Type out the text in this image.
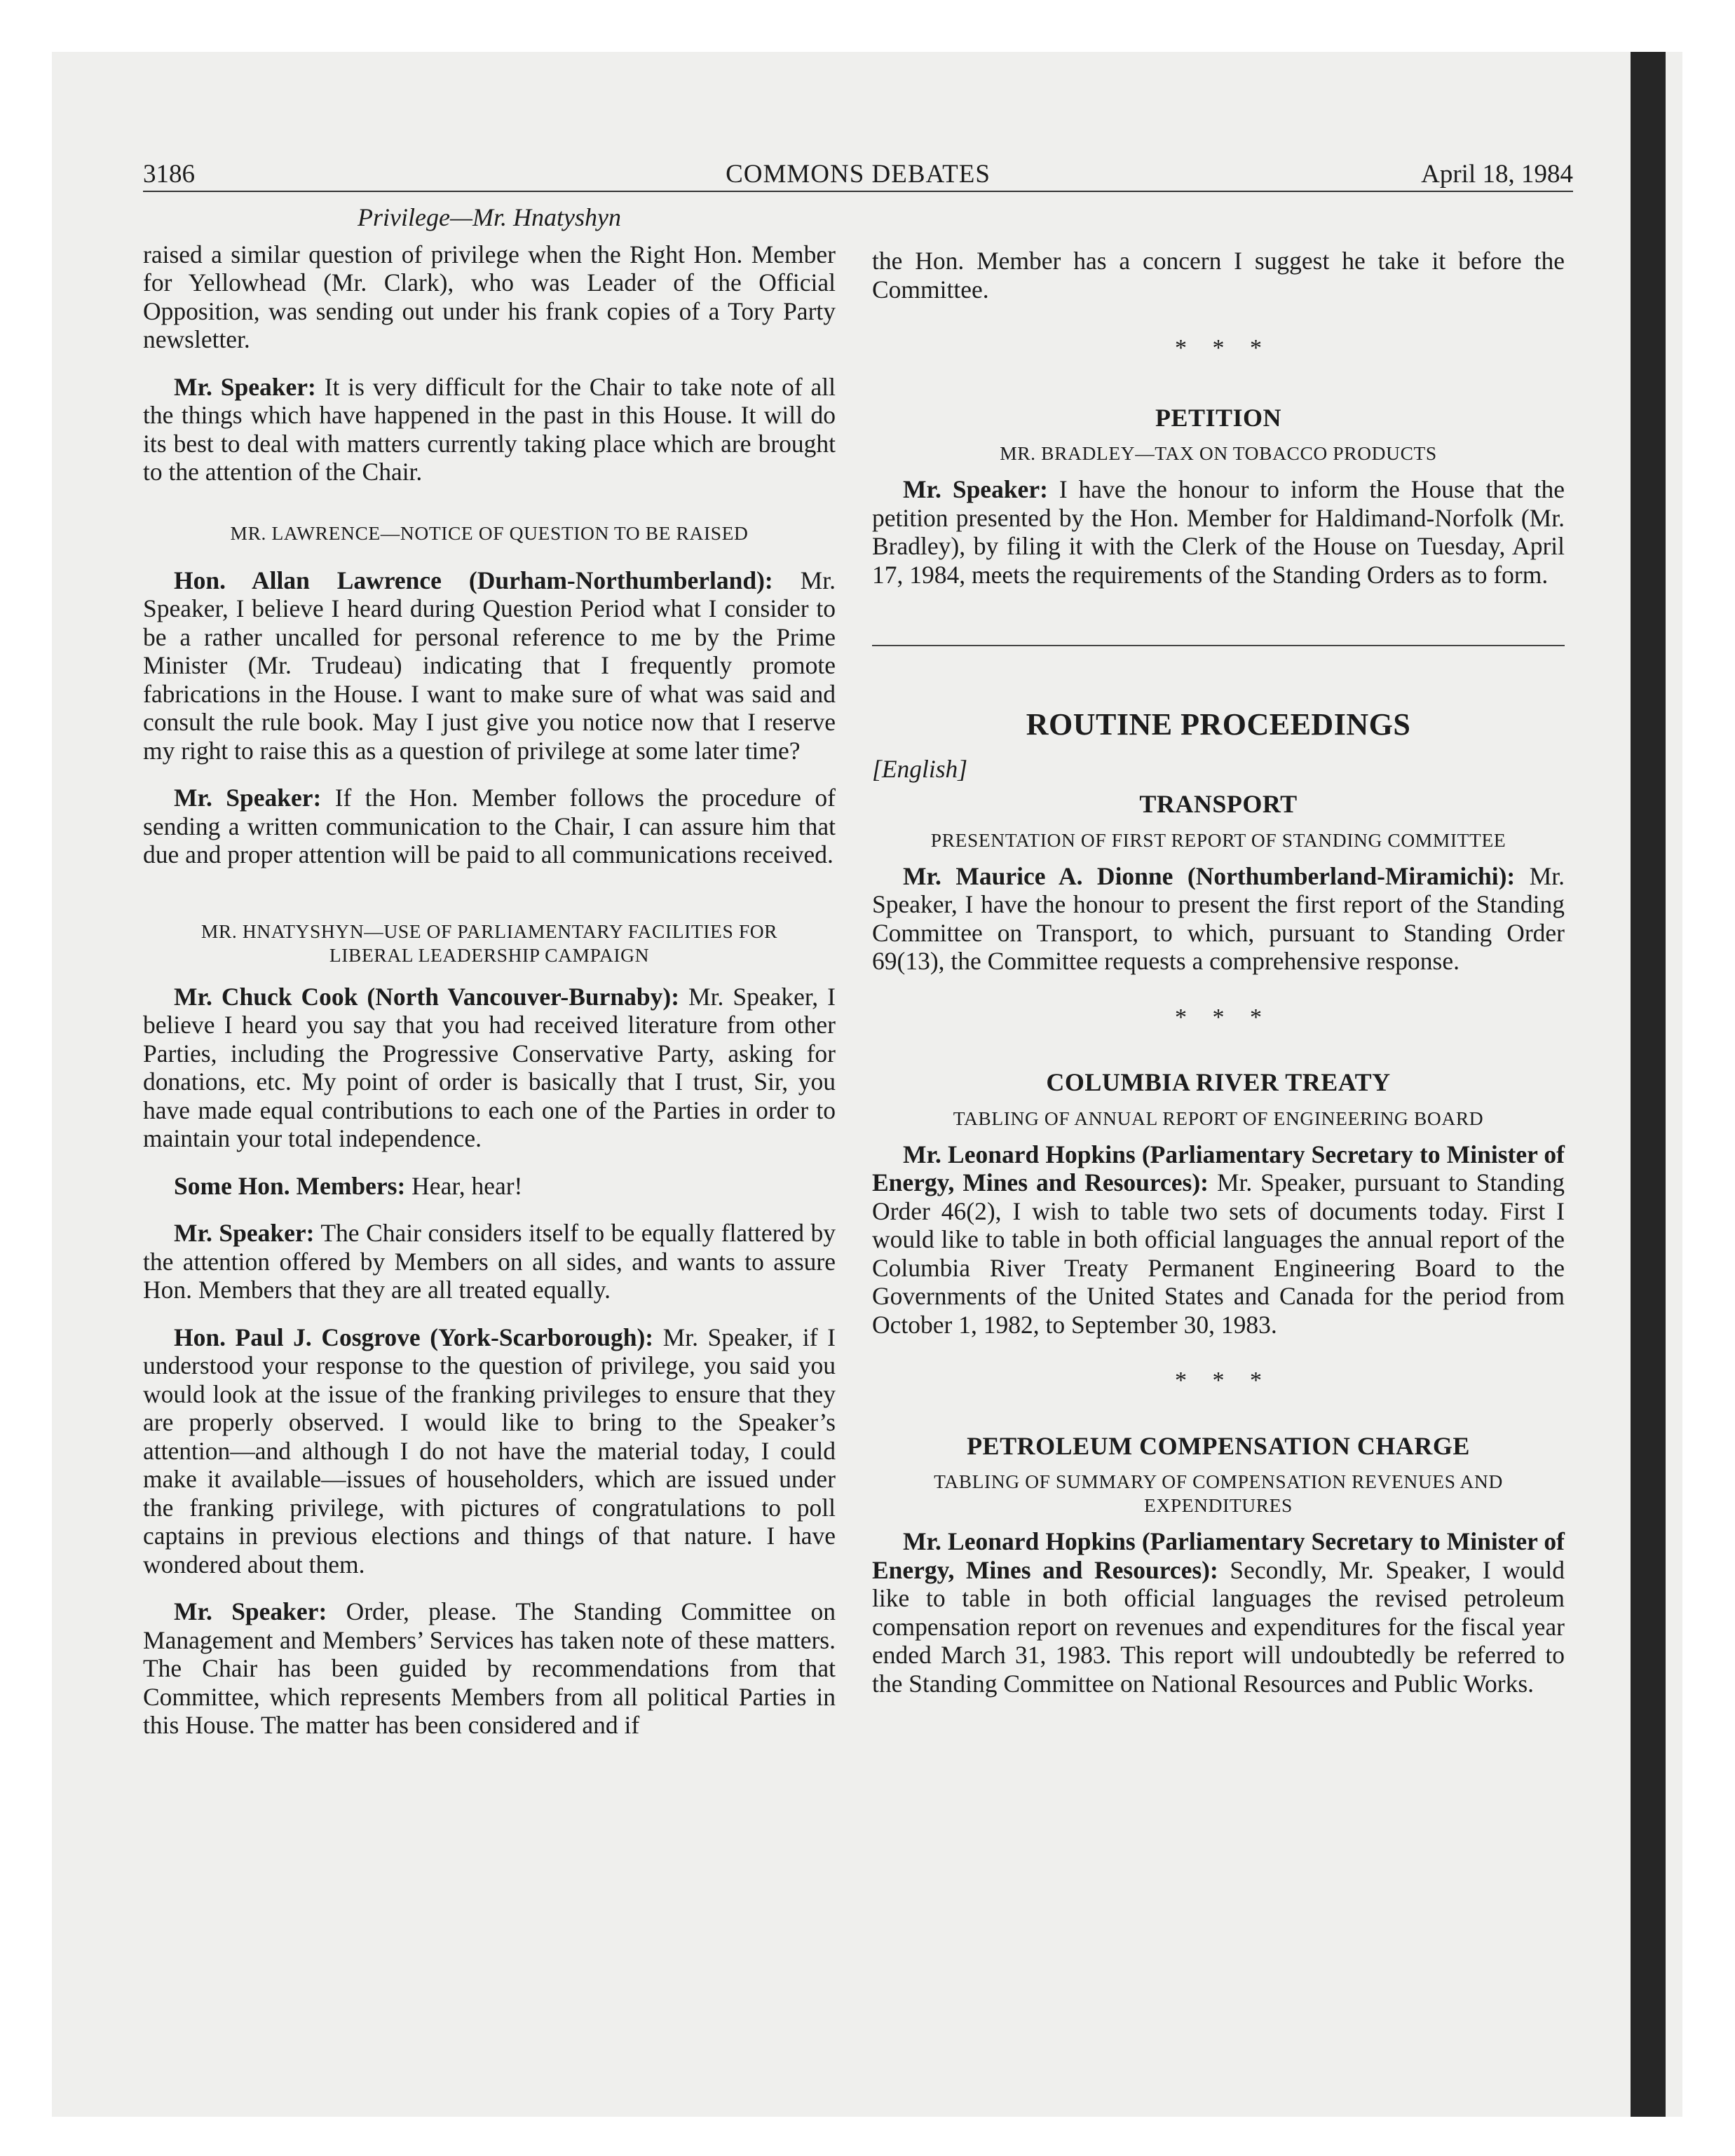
3186	COMMONS DEBATES	April 18, 1984
Privilege—Mr. Hnatyshyn

raised a similar question of privilege when the Right Hon. Member for Yellowhead (Mr. Clark), who was Leader of the Official Opposition, was sending out under his frank copies of a Tory Party newsletter.

Mr. Speaker: It is very difficult for the Chair to take note of all the things which have happened in the past in this House. It will do its best to deal with matters currently taking place which are brought to the attention of the Chair.

MR. LAWRENCE—NOTICE OF QUESTION TO BE RAISED

Hon. Allan Lawrence (Durham-Northumberland): Mr. Speaker, I believe I heard during Question Period what I consider to be a rather uncalled for personal reference to me by the Prime Minister (Mr. Trudeau) indicating that I frequently promote fabrications in the House. I want to make sure of what was said and consult the rule book. May I just give you notice now that I reserve my right to raise this as a question of privilege at some later time?

Mr. Speaker: If the Hon. Member follows the procedure of sending a written communication to the Chair, I can assure him that due and proper attention will be paid to all communications received.

MR. HNATYSHYN—USE OF PARLIAMENTARY FACILITIES FOR
LIBERAL LEADERSHIP CAMPAIGN

Mr. Chuck Cook (North Vancouver-Burnaby): Mr. Speaker, I believe I heard you say that you had received literature from other Parties, including the Progressive Conservative Party, asking for donations, etc. My point of order is basically that I trust, Sir, you have made equal contributions to each one of the Parties in order to maintain your total independence.

Some Hon. Members: Hear, hear!

Mr. Speaker: The Chair considers itself to be equally flattered by the attention offered by Members on all sides, and wants to assure Hon. Members that they are all treated equally.

Hon. Paul J. Cosgrove (York-Scarborough): Mr. Speaker, if I understood your response to the question of privilege, you said you would look at the issue of the franking privileges to ensure that they are properly observed. I would like to bring to the Speaker’s attention—and although I do not have the material today, I could make it available—issues of householders, which are issued under the franking privilege, with pictures of congratulations to poll captains in previous elections and things of that nature. I have wondered about them.

Mr. Speaker: Order, please. The Standing Committee on Management and Members’ Services has taken note of these matters. The Chair has been guided by recommendations from that Committee, which represents Members from all political Parties in this House. The matter has been considered and if

the Hon. Member has a concern I suggest he take it before the Committee.

* * *
PETITION
MR. BRADLEY—TAX ON TOBACCO PRODUCTS

Mr. Speaker: I have the honour to inform the House that the petition presented by the Hon. Member for Haldimand-Norfolk (Mr. Bradley), by filing it with the Clerk of the House on Tuesday, April 17, 1984, meets the requirements of the Standing Orders as to form.

ROUTINE PROCEEDINGS
[English]
TRANSPORT
PRESENTATION OF FIRST REPORT OF STANDING COMMITTEE

Mr. Maurice A. Dionne (Northumberland-Miramichi): Mr. Speaker, I have the honour to present the first report of the Standing Committee on Transport, to which, pursuant to Standing Order 69(13), the Committee requests a comprehensive response.

* * *
COLUMBIA RIVER TREATY
TABLING OF ANNUAL REPORT OF ENGINEERING BOARD

Mr. Leonard Hopkins (Parliamentary Secretary to Minister of Energy, Mines and Resources): Mr. Speaker, pursuant to Standing Order 46(2), I wish to table two sets of documents today. First I would like to table in both official languages the annual report of the Columbia River Treaty Permanent Engineering Board to the Governments of the United States and Canada for the period from October 1, 1982, to September 30, 1983.

* * *
PETROLEUM COMPENSATION CHARGE
TABLING OF SUMMARY OF COMPENSATION REVENUES AND
EXPENDITURES

Mr. Leonard Hopkins (Parliamentary Secretary to Minister of Energy, Mines and Resources): Secondly, Mr. Speaker, I would like to table in both official languages the revised petroleum compensation report on revenues and expenditures for the fiscal year ended March 31, 1983. This report will undoubtedly be referred to the Standing Committee on National Resources and Public Works.
